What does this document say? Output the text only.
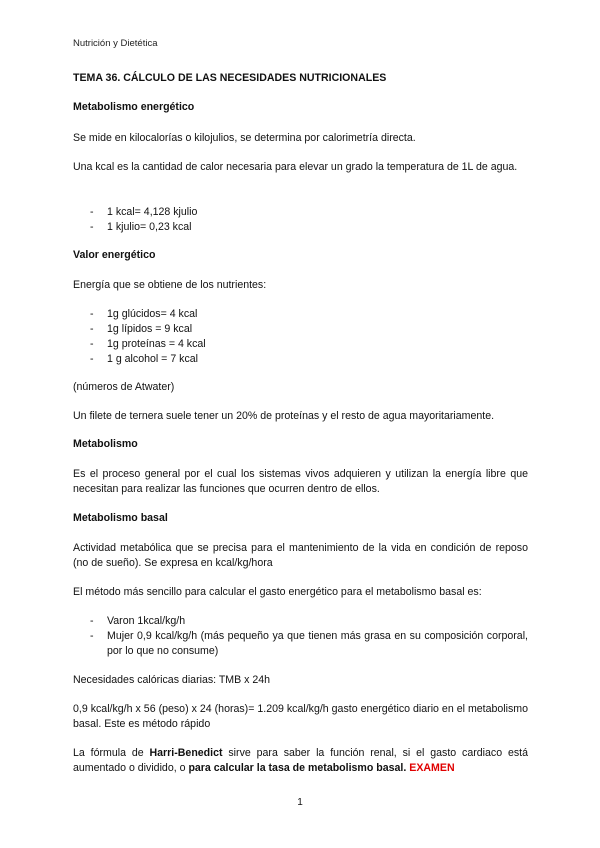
Nutrición y Dietética
TEMA 36. CÁLCULO DE LAS NECESIDADES NUTRICIONALES
Metabolismo energético
Se mide en kilocalorías o kilojulios, se determina por calorimetría directa.
Una kcal es la cantidad de calor necesaria para elevar un grado la temperatura de 1L de agua.
- 1 kcal= 4,128 kjulio
- 1 kjulio= 0,23 kcal
Valor energético
Energía que se obtiene de los nutrientes:
- 1g glúcidos= 4 kcal
- 1g lípidos = 9 kcal
- 1g proteínas = 4 kcal
- 1 g alcohol = 7 kcal
(números de Atwater)
Un filete de ternera suele tener un 20% de proteínas y el resto de agua mayoritariamente.
Metabolismo
Es el proceso general por el cual los sistemas vivos adquieren y utilizan la energía libre que necesitan para realizar las funciones que ocurren dentro de ellos.
Metabolismo basal
Actividad metabólica que se precisa para el mantenimiento de la vida en condición de reposo (no de sueño). Se expresa en kcal/kg/hora
El método más sencillo para calcular el gasto energético para el metabolismo basal es:
- Varon 1kcal/kg/h
- Mujer 0,9 kcal/kg/h (más pequeño ya que tienen más grasa en su composición corporal, por lo que no consume)
Necesidades calóricas diarias: TMB x 24h
0,9 kcal/kg/h x 56 (peso) x 24 (horas)= 1.209 kcal/kg/h gasto energético diario en el metabolismo basal. Este es método rápido
La fórmula de Harri-Benedict sirve para saber la función renal, si el gasto cardiaco está aumentado o dividido, o para calcular la tasa de metabolismo basal. EXAMEN
1
